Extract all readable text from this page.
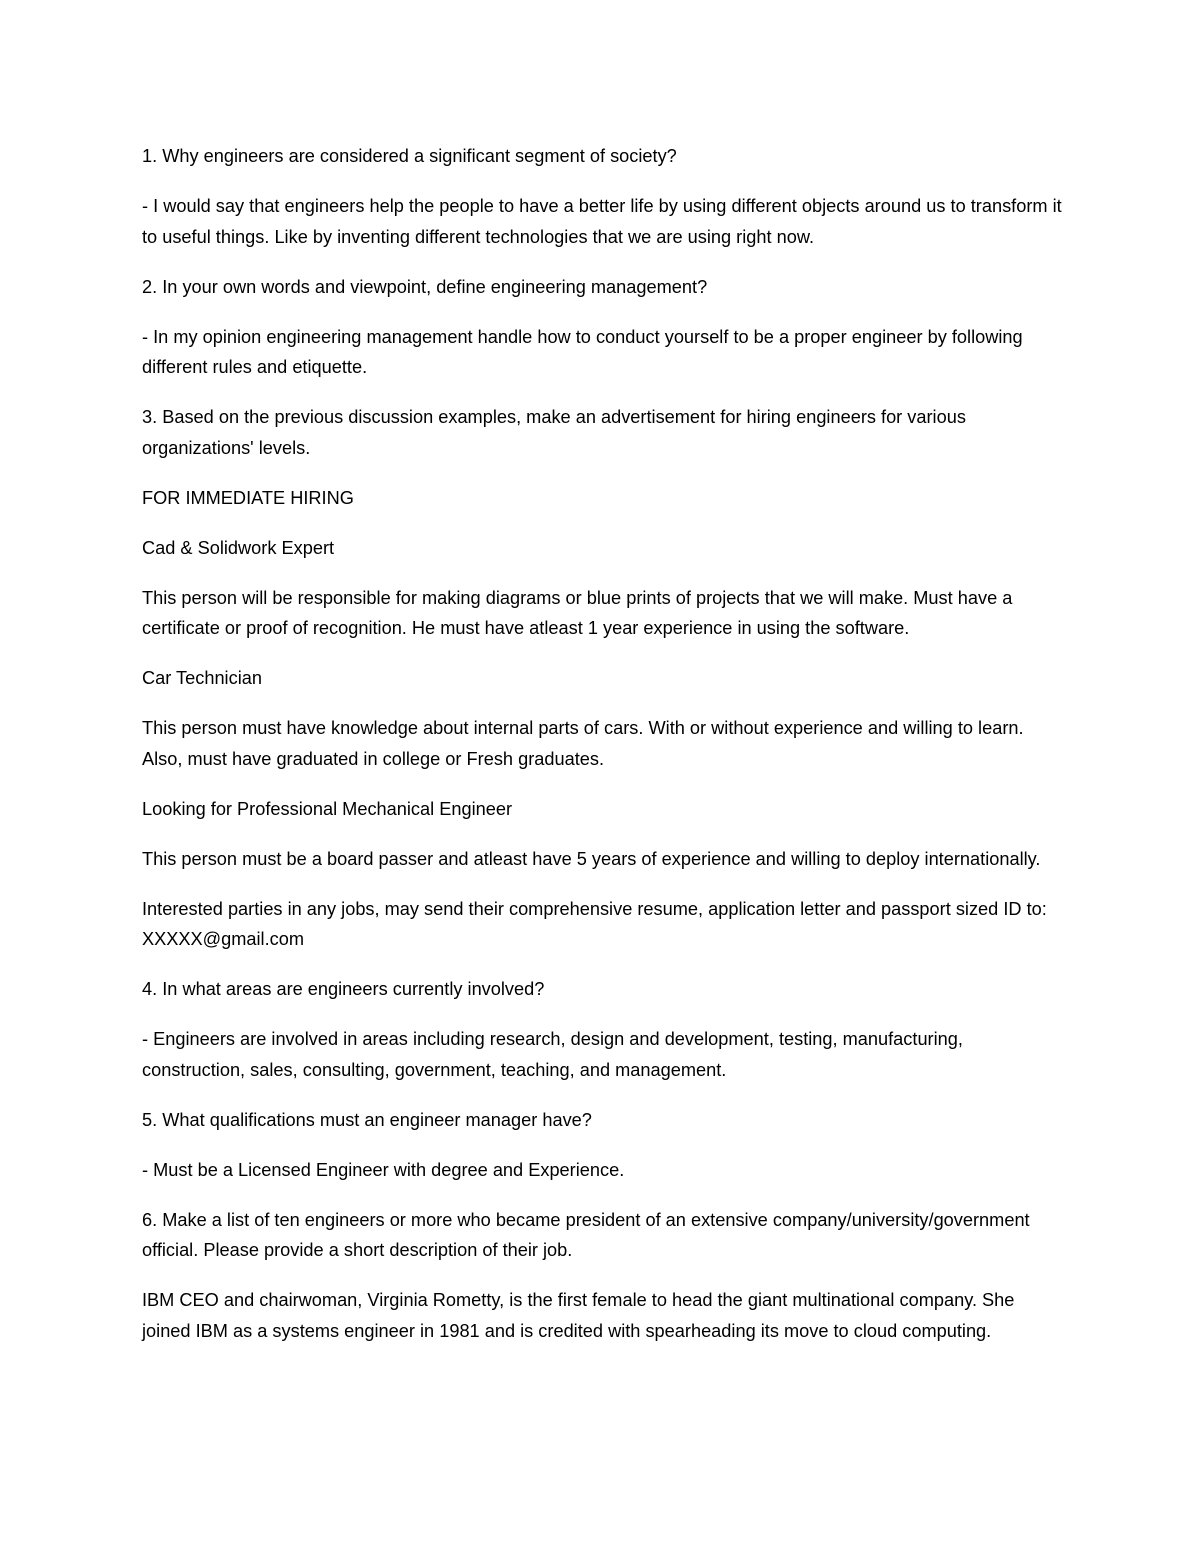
1. Why engineers are considered a significant segment of society?

- I would say that engineers help the people to have a better life by using different objects around us to transform it to useful things. Like by inventing different technologies that we are using right now.

2. In your own words and viewpoint, define engineering management?

- In my opinion engineering management handle how to conduct yourself to be a proper engineer by following different rules and etiquette.

3. Based on the previous discussion examples, make an advertisement for hiring engineers for various organizations' levels.

FOR IMMEDIATE HIRING

Cad & Solidwork Expert

This person will be responsible for making diagrams or blue prints of projects that we will make. Must have a certificate or proof of recognition. He must have atleast 1 year experience in using the software.

Car Technician

This person must have knowledge about internal parts of cars. With or without experience and willing to learn. Also, must have graduated in college or Fresh graduates.

Looking for Professional Mechanical Engineer

This person must be a board passer and atleast have 5 years of experience and willing to deploy internationally.

Interested parties in any jobs, may send their comprehensive resume, application letter and passport sized ID to: XXXXX@gmail.com

4. In what areas are engineers currently involved?

- Engineers are involved in areas including research, design and development, testing, manufacturing, construction, sales, consulting, government, teaching, and management.

5. What qualifications must an engineer manager have?

- Must be a Licensed Engineer with degree and Experience.

6. Make a list of ten engineers or more who became president of an extensive company/university/government official. Please provide a short description of their job.

IBM CEO and chairwoman, Virginia Rometty, is the first female to head the giant multinational company. She joined IBM as a systems engineer in 1981 and is credited with spearheading its move to cloud computing.
